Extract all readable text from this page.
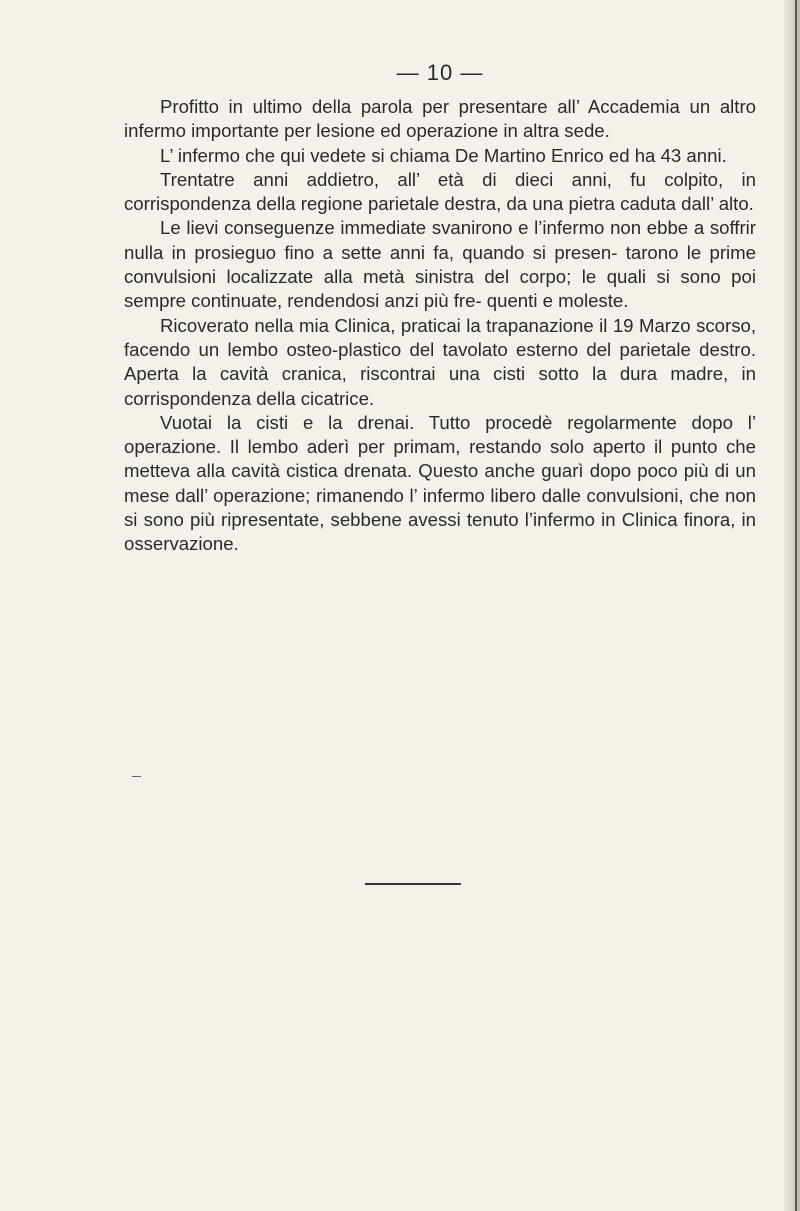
— 10 —

Profitto in ultimo della parola per presentare all’ Accademia un altro infermo importante per lesione ed operazione in altra sede.

L’ infermo che qui vedete si chiama De Martino Enrico ed ha 43 anni.

Trentatre anni addietro, all’ età di dieci anni, fu colpito, in corrispondenza della regione parietale destra, da una pietra caduta dall’ alto.

Le lievi conseguenze immediate svanirono e l’infermo non ebbe a soffrir nulla in prosieguo fino a sette anni fa, quando si presen- tarono le prime convulsioni localizzate alla metà sinistra del corpo; le quali si sono poi sempre continuate, rendendosi anzi più fre- quenti e moleste.

Ricoverato nella mia Clinica, praticai la trapanazione il 19 Marzo scorso, facendo un lembo osteo-plastico del tavolato esterno del parietale destro. Aperta la cavità cranica, riscontrai una cisti sotto la dura madre, in corrispondenza della cicatrice.

Vuotai la cisti e la drenai. Tutto procedè regolarmente dopo l’ operazione. Il lembo aderì per primam, restando solo aperto il punto che metteva alla cavità cistica drenata. Questo anche guarì dopo poco più di un mese dall’ operazione; rimanendo l’ infermo libero dalle convulsioni, che non si sono più ripresentate, sebbene avessi tenuto l’infermo in Clinica finora, in osservazione.
